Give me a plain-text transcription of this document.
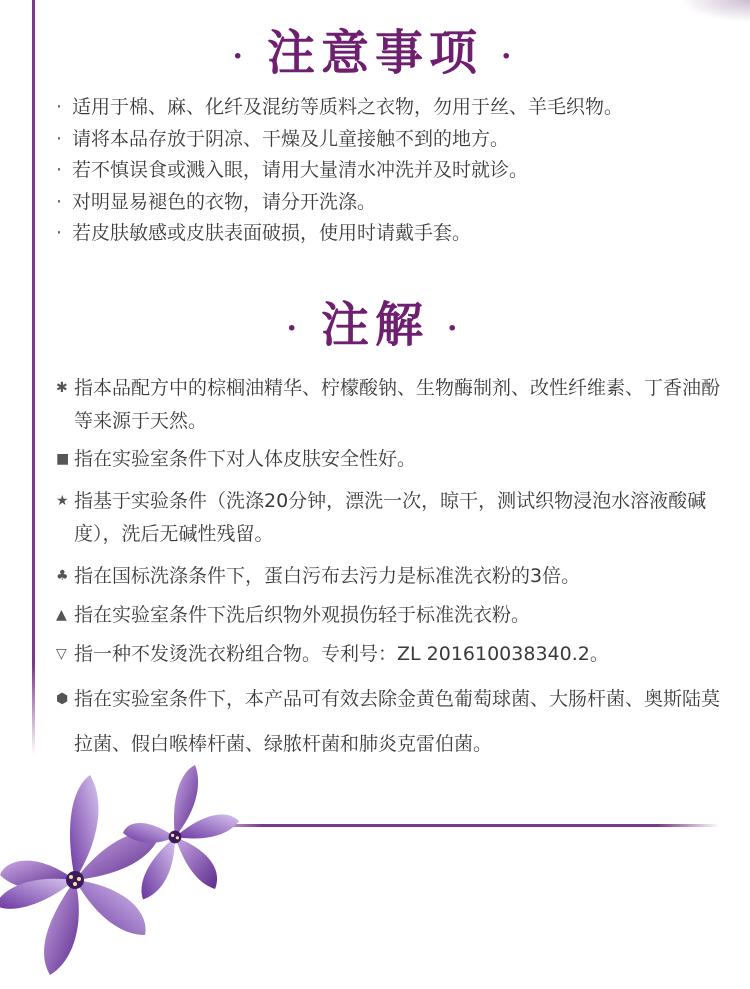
· 注意事项 ·
· 适用于棉、麻、化纤及混纺等质料之衣物，勿用于丝、羊毛织物。
· 请将本品存放于阴凉、干燥及儿童接触不到的地方。
· 若不慎误食或溅入眼，请用大量清水冲洗并及时就诊。
· 对明显易褪色的衣物，请分开洗涤。
· 若皮肤敏感或皮肤表面破损，使用时请戴手套。
· 注解 ·
✱ 指本品配方中的棕榈油精华、柠檬酸钠、生物酶制剂、改性纤维素、丁香油酚等来源于天然。
■ 指在实验室条件下对人体皮肤安全性好。
★ 指基于实验条件（洗涤20分钟，漂洗一次，晾干，测试织物浸泡水溶液酸碱度），洗后无碱性残留。
♣ 指在国标洗涤条件下，蛋白污布去污力是标准洗衣粉的3倍。
▲ 指在实验室条件下洗后织物外观损伤轻于标准洗衣粉。
▽ 指一种不发烫洗衣粉组合物。专利号：ZL 201610038340.2。
⬢ 指在实验室条件下，本产品可有效去除金黄色葡萄球菌、大肠杆菌、奥斯陆莫拉菌、假白喉棒杆菌、绿脓杆菌和肺炎克雷伯菌。
